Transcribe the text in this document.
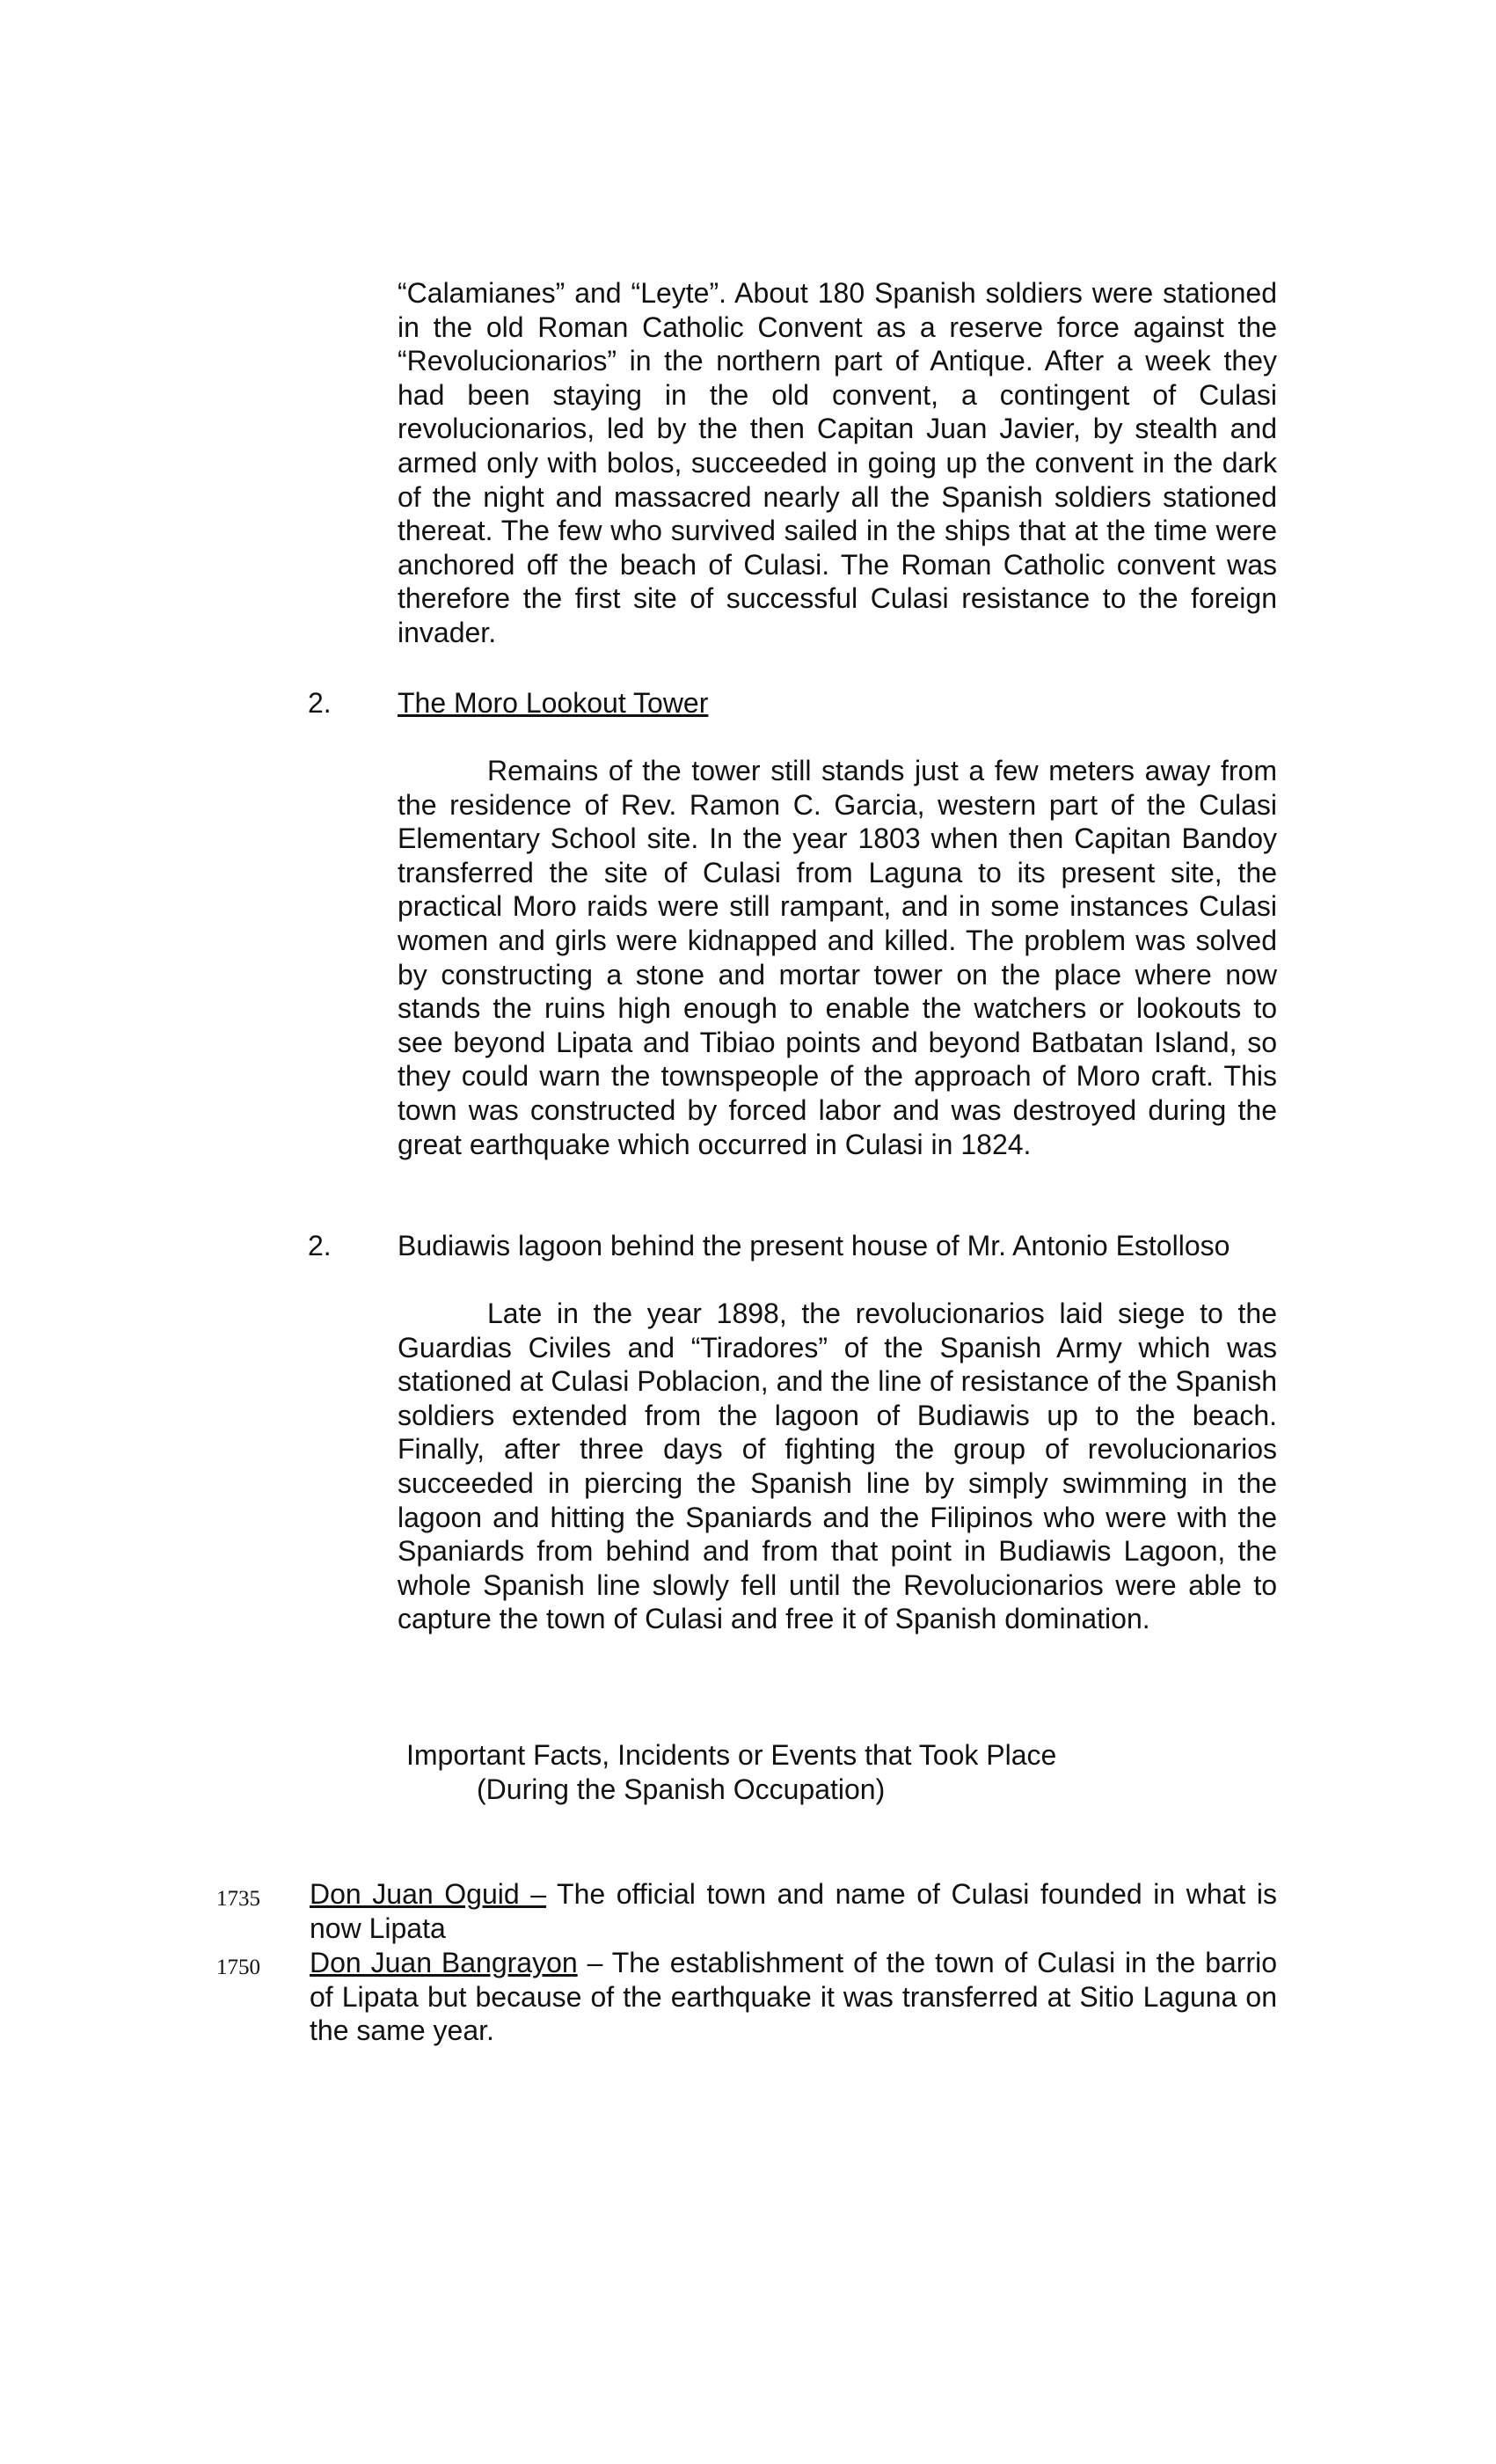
“Calamianes” and “Leyte”. About 180 Spanish soldiers were stationed in the old Roman Catholic Convent as a reserve force against the “Revolucionarios” in the northern part of Antique. After a week they had been staying in the old convent, a contingent of Culasi revolucionarios, led by the then Capitan Juan Javier, by stealth and armed only with bolos, succeeded in going up the convent in the dark of the night and massacred nearly all the Spanish soldiers stationed thereat. The few who survived sailed in the ships that at the time were anchored off the beach of Culasi. The Roman Catholic convent was therefore the first site of successful Culasi resistance to the foreign invader.

2. The Moro Lookout Tower

Remains of the tower still stands just a few meters away from the residence of Rev. Ramon C. Garcia, western part of the Culasi Elementary School site. In the year 1803 when then Capitan Bandoy transferred the site of Culasi from Laguna to its present site, the practical Moro raids were still rampant, and in some instances Culasi women and girls were kidnapped and killed. The problem was solved by constructing a stone and mortar tower on the place where now stands the ruins high enough to enable the watchers or lookouts to see beyond Lipata and Tibiao points and beyond Batbatan Island, so they could warn the townspeople of the approach of Moro craft. This town was constructed by forced labor and was destroyed during the great earthquake which occurred in Culasi in 1824.

2. Budiawis lagoon behind the present house of Mr. Antonio Estolloso

Late in the year 1898, the revolucionarios laid siege to the Guardias Civiles and “Tiradores” of the Spanish Army which was stationed at Culasi Poblacion, and the line of resistance of the Spanish soldiers extended from the lagoon of Budiawis up to the beach. Finally, after three days of fighting the group of revolucionarios succeeded in piercing the Spanish line by simply swimming in the lagoon and hitting the Spaniards and the Filipinos who were with the Spaniards from behind and from that point in Budiawis Lagoon, the whole Spanish line slowly fell until the Revolucionarios were able to capture the town of Culasi and free it of Spanish domination.

Important Facts, Incidents or Events that Took Place
(During the Spanish Occupation)

1735 Don Juan Oguid – The official town and name of Culasi founded in what is now Lipata

1750 Don Juan Bangrayon – The establishment of the town of Culasi in the barrio of Lipata but because of the earthquake it was transferred at Sitio Laguna on the same year.
